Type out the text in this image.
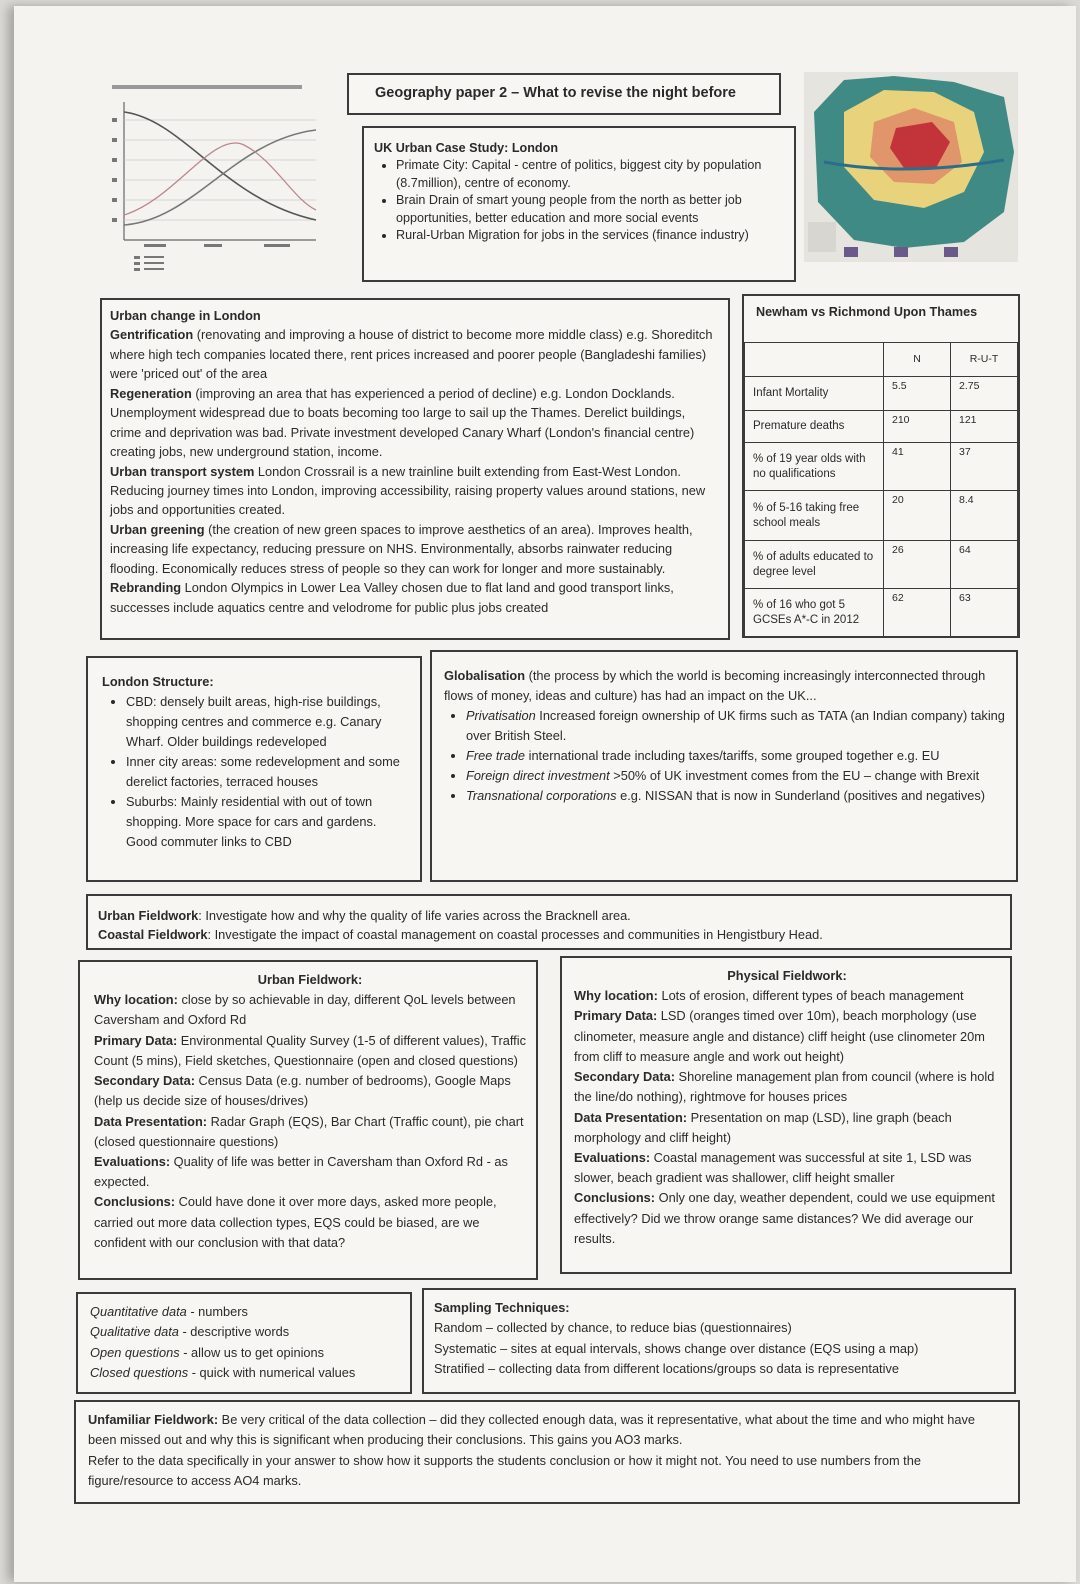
Geography paper 2 – What to revise the night before
UK Urban Case Study: London
• Primate City: Capital - centre of politics, biggest city by population (8.7million), centre of economy.
• Brain Drain of smart young people from the north as better job opportunities, better education and more social events
• Rural-Urban Migration for jobs in the services (finance industry)
Urban change in London
Gentrification (renovating and improving a house of district to become more middle class) e.g. Shoreditch where high tech companies located there, rent prices increased and poorer people (Bangladeshi families) were 'priced out' of the area
Regeneration (improving an area that has experienced a period of decline) e.g. London Docklands. Unemployment widespread due to boats becoming too large to sail up the Thames. Derelict buildings, crime and deprivation was bad. Private investment developed Canary Wharf (London's financial centre) creating jobs, new underground station, income.
Urban transport system London Crossrail is a new trainline built extending from East-West London. Reducing journey times into London, improving accessibility, raising property values around stations, new jobs and opportunities created.
Urban greening (the creation of new green spaces to improve aesthetics of an area). Improves health, increasing life expectancy, reducing pressure on NHS. Environmentally, absorbs rainwater reducing flooding. Economically reduces stress of people so they can work for longer and more sustainably.
Rebranding London Olympics in Lower Lea Valley chosen due to flat land and good transport links, successes include aquatics centre and velodrome for public plus jobs created
Newham vs Richmond Upon Thames
	N	R-U-T
Infant Mortality	5.5	2.75
Premature deaths	210	121
% of 19 year olds with no qualifications	41	37
% of 5-16 taking free school meals	20	8.4
% of adults educated to degree level	26	64
% of 16 who got 5 GCSEs A*-C in 2012	62	63
London Structure:
• CBD: densely built areas, high-rise buildings, shopping centres and commerce e.g. Canary Wharf. Older buildings redeveloped
• Inner city areas: some redevelopment and some derelict factories, terraced houses
• Suburbs: Mainly residential with out of town shopping. More space for cars and gardens. Good commuter links to CBD
Globalisation (the process by which the world is becoming increasingly interconnected through flows of money, ideas and culture) has had an impact on the UK...
• Privatisation Increased foreign ownership of UK firms such as TATA (an Indian company) taking over British Steel.
• Free trade international trade including taxes/tariffs, some grouped together e.g. EU
• Foreign direct investment >50% of UK investment comes from the EU – change with Brexit
• Transnational corporations e.g. NISSAN that is now in Sunderland (positives and negatives)
Urban Fieldwork: Investigate how and why the quality of life varies across the Bracknell area.
Coastal Fieldwork: Investigate the impact of coastal management on coastal processes and communities in Hengistbury Head.
Urban Fieldwork:
Why location: close by so achievable in day, different QoL levels between Caversham and Oxford Rd
Primary Data: Environmental Quality Survey (1-5 of different values), Traffic Count (5 mins), Field sketches, Questionnaire (open and closed questions)
Secondary Data: Census Data (e.g. number of bedrooms), Google Maps (help us decide size of houses/drives)
Data Presentation: Radar Graph (EQS), Bar Chart (Traffic count), pie chart (closed questionnaire questions)
Evaluations: Quality of life was better in Caversham than Oxford Rd - as expected.
Conclusions: Could have done it over more days, asked more people, carried out more data collection types, EQS could be biased, are we confident with our conclusion with that data?
Physical Fieldwork:
Why location: Lots of erosion, different types of beach management
Primary Data: LSD (oranges timed over 10m), beach morphology (use clinometer, measure angle and distance) cliff height (use clinometer 20m from cliff to measure angle and work out height)
Secondary Data: Shoreline management plan from council (where is hold the line/do nothing), rightmove for houses prices
Data Presentation: Presentation on map (LSD), line graph (beach morphology and cliff height)
Evaluations: Coastal management was successful at site 1, LSD was slower, beach gradient was shallower, cliff height smaller
Conclusions: Only one day, weather dependent, could we use equipment effectively? Did we throw orange same distances? We did average our results.
Quantitative data - numbers
Qualitative data - descriptive words
Open questions - allow us to get opinions
Closed questions - quick with numerical values
Sampling Techniques:
Random – collected by chance, to reduce bias (questionnaires)
Systematic – sites at equal intervals, shows change over distance (EQS using a map)
Stratified – collecting data from different locations/groups so data is representative
Unfamiliar Fieldwork: Be very critical of the data collection – did they collected enough data, was it representative, what about the time and who might have been missed out and why this is significant when producing their conclusions. This gains you AO3 marks.
Refer to the data specifically in your answer to show how it supports the students conclusion or how it might not. You need to use numbers from the figure/resource to access AO4 marks.
